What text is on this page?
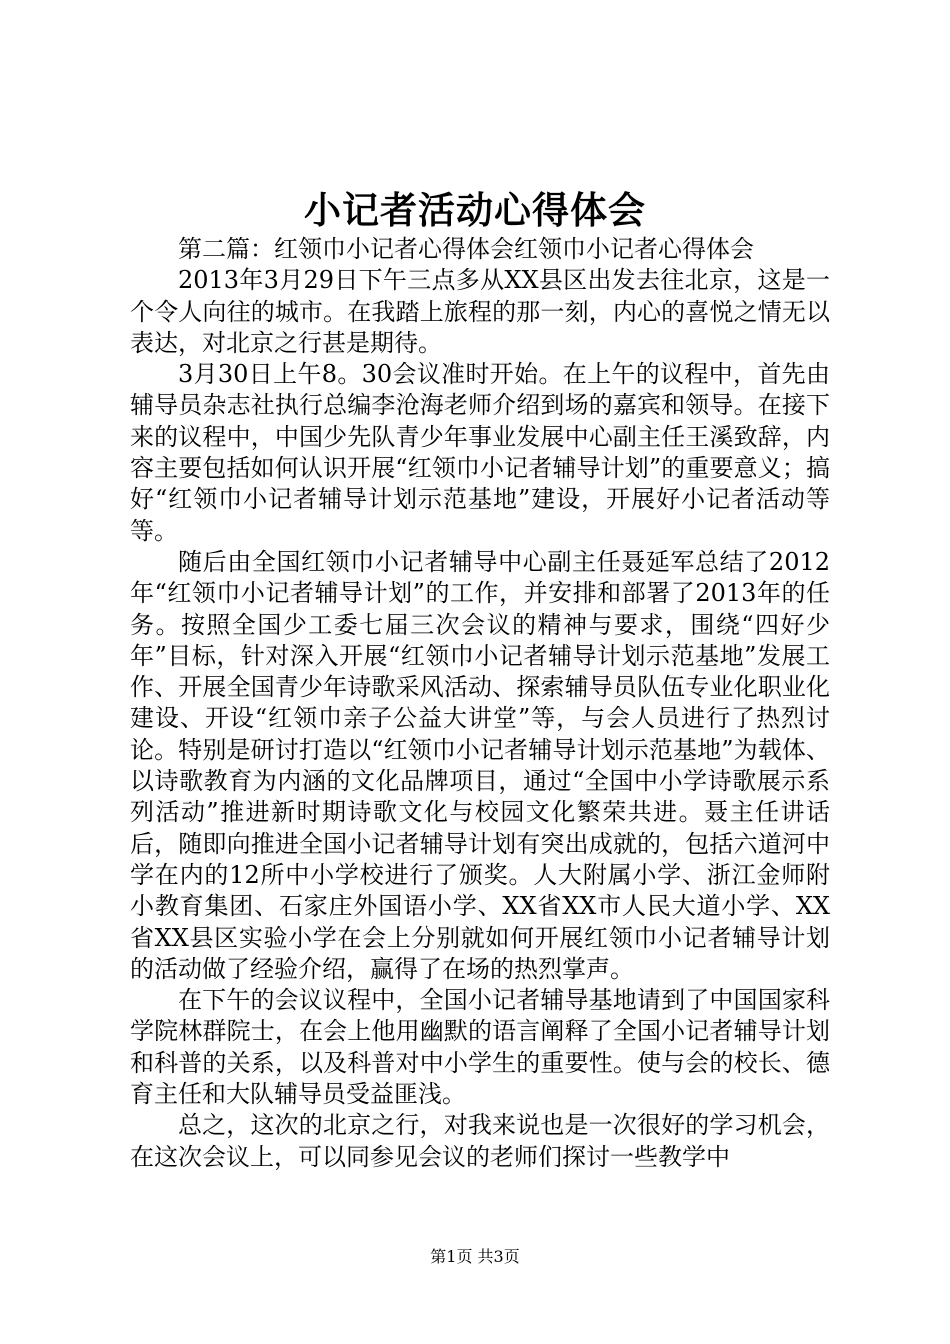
小记者活动心得体会

第二篇：红领巾小记者心得体会红领巾小记者心得体会

2013年3月29日下午三点多从XX县区出发去往北京，这是一个令人向往的城市。在我踏上旅程的那一刻，内心的喜悦之情无以表达，对北京之行甚是期待。

3月30日上午8。30会议准时开始。在上午的议程中，首先由辅导员杂志社执行总编李沧海老师介绍到场的嘉宾和领导。在接下来的议程中，中国少先队青少年事业发展中心副主任王溪致辞，内容主要包括如何认识开展“红领巾小记者辅导计划”的重要意义；搞好“红领巾小记者辅导计划示范基地”建设，开展好小记者活动等等。

随后由全国红领巾小记者辅导中心副主任聂延军总结了2012年“红领巾小记者辅导计划”的工作，并安排和部署了2013年的任务。按照全国少工委七届三次会议的精神与要求，围绕“四好少年”目标，针对深入开展“红领巾小记者辅导计划示范基地”发展工作、开展全国青少年诗歌采风活动、探索辅导员队伍专业化职业化建设、开设“红领巾亲子公益大讲堂”等，与会人员进行了热烈讨论。特别是研讨打造以“红领巾小记者辅导计划示范基地”为载体、以诗歌教育为内涵的文化品牌项目，通过“全国中小学诗歌展示系列活动”推进新时期诗歌文化与校园文化繁荣共进。聂主任讲话后，随即向推进全国小记者辅导计划有突出成就的，包括六道河中学在内的12所中小学校进行了颁奖。人大附属小学、浙江金师附小教育集团、石家庄外国语小学、XX省XX市人民大道小学、XX省XX县区实验小学在会上分别就如何开展红领巾小记者辅导计划的活动做了经验介绍，赢得了在场的热烈掌声。

在下午的会议议程中，全国小记者辅导基地请到了中国国家科学院林群院士，在会上他用幽默的语言阐释了全国小记者辅导计划和科普的关系，以及科普对中小学生的重要性。使与会的校长、德育主任和大队辅导员受益匪浅。

总之，这次的北京之行，对我来说也是一次很好的学习机会，在这次会议上，可以同参见会议的老师们探讨一些教学中

第1页 共3页
